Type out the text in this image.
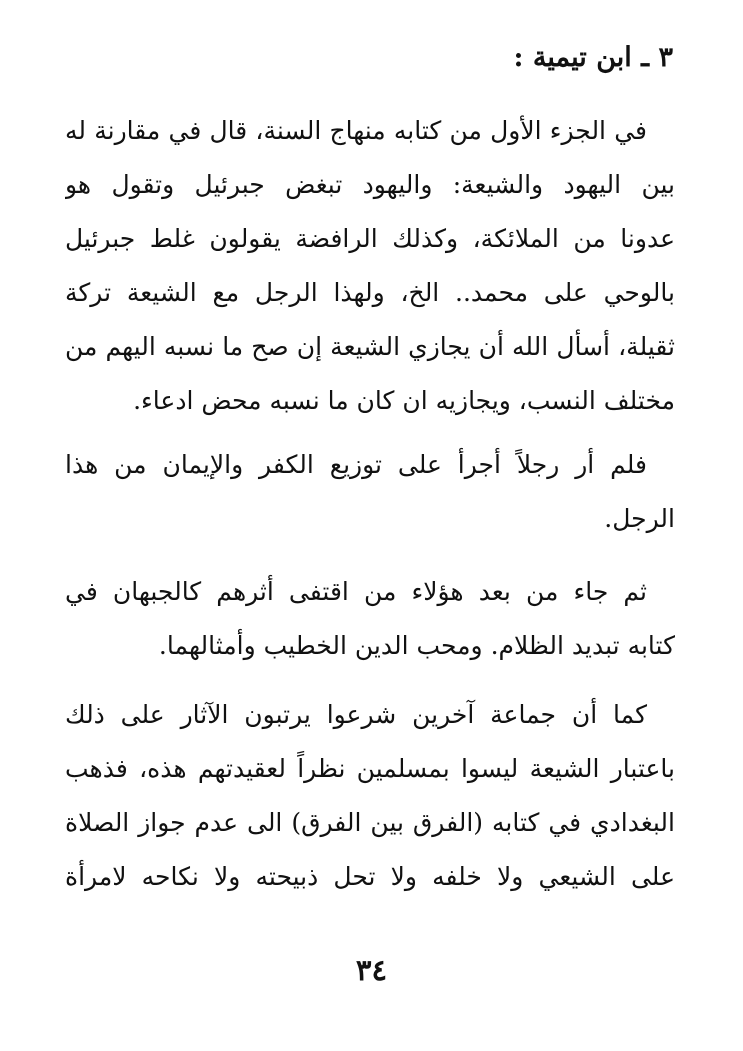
٣ ـ ابن تيمية :
في الجزء الأول من كتابه منهاج السنة، قال في مقارنة له
بين اليهود والشيعة: واليهود تبغض جبرئيل وتقول هو
عدونا من الملائكة، وكذلك الرافضة يقولون غلط جبرئيل
بالوحي على محمد.. الخ، ولهذا الرجل مع الشيعة تركة
ثقيلة، أسأل الله أن يجازي الشيعة إن صح ما نسبه اليهم من
مختلف النسب، ويجازيه ان كان ما نسبه محض ادعاء.
فلم أر رجلاً أجرأ على توزيع الكفر والإيمان من هذا
الرجل.
ثم جاء من بعد هؤلاء من اقتفى أثرهم كالجبهان في
كتابه تبديد الظلام. ومحب الدين الخطيب وأمثالهما.
كما أن جماعة آخرين شرعوا يرتبون الآثار على ذلك
باعتبار الشيعة ليسوا بمسلمين نظراً لعقيدتهم هذه، فذهب
البغدادي في كتابه (الفرق بين الفرق) الى عدم جواز الصلاة
على الشيعي ولا خلفه ولا تحل ذبيحته ولا نكاحه لامرأة
٣٤
